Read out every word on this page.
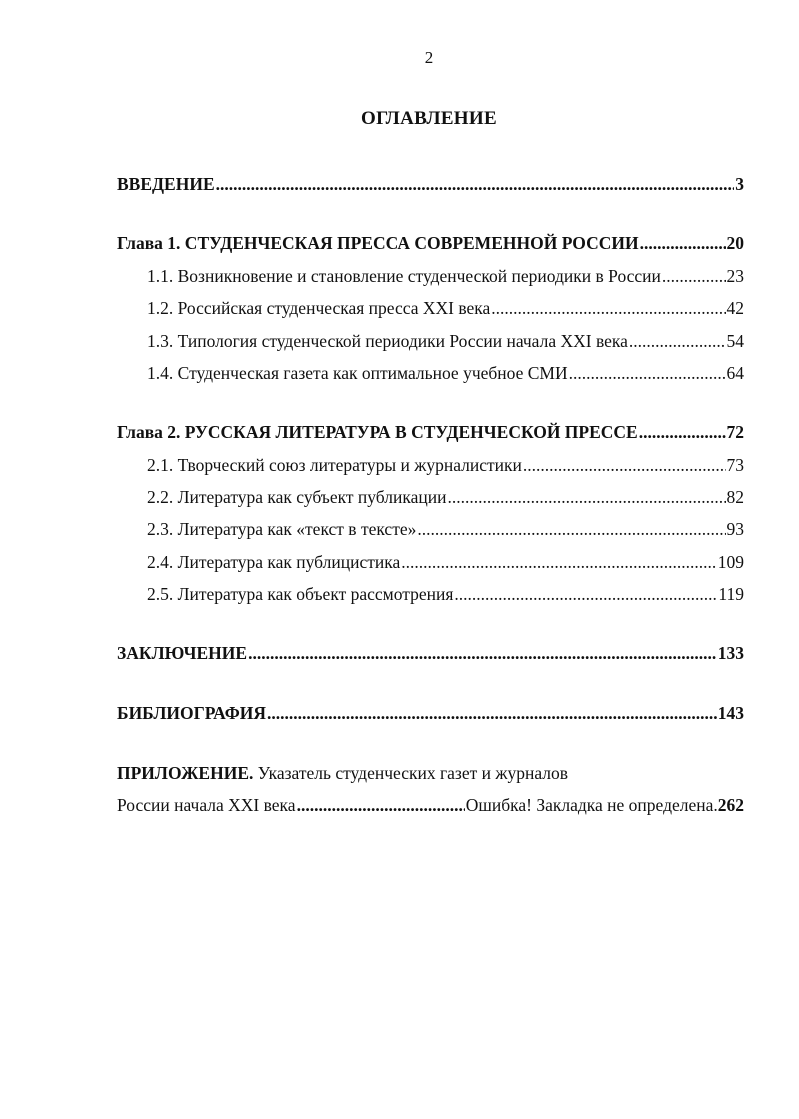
2
ОГЛАВЛЕНИЕ
ВВЕДЕНИЕ .....	3
Глава 1. СТУДЕНЧЕСКАЯ ПРЕССА СОВРЕМЕННОЙ РОССИИ .....	20
1.1. Возникновение и становление студенческой периодики в России .....	23
1.2. Российская студенческая пресса XXI века .....	42
1.3. Типология студенческой периодики России начала XXI века .....	54
1.4. Студенческая газета как оптимальное учебное СМИ .....	64
Глава 2. РУССКАЯ ЛИТЕРАТУРА В СТУДЕНЧЕСКОЙ ПРЕССЕ .....	72
2.1. Творческий союз литературы и журналистики .....	73
2.2. Литература как субъект публикации .....	82
2.3. Литература как «текст в тексте» .....	93
2.4. Литература как публицистика .....	109
2.5. Литература как объект рассмотрения .....	119
ЗАКЛЮЧЕНИЕ .....	133
БИБЛИОГРАФИЯ .....	143
ПРИЛОЖЕНИЕ. Указатель студенческих газет и журналов
России начала XXI века .....	Ошибка! Закладка не определена. 262
